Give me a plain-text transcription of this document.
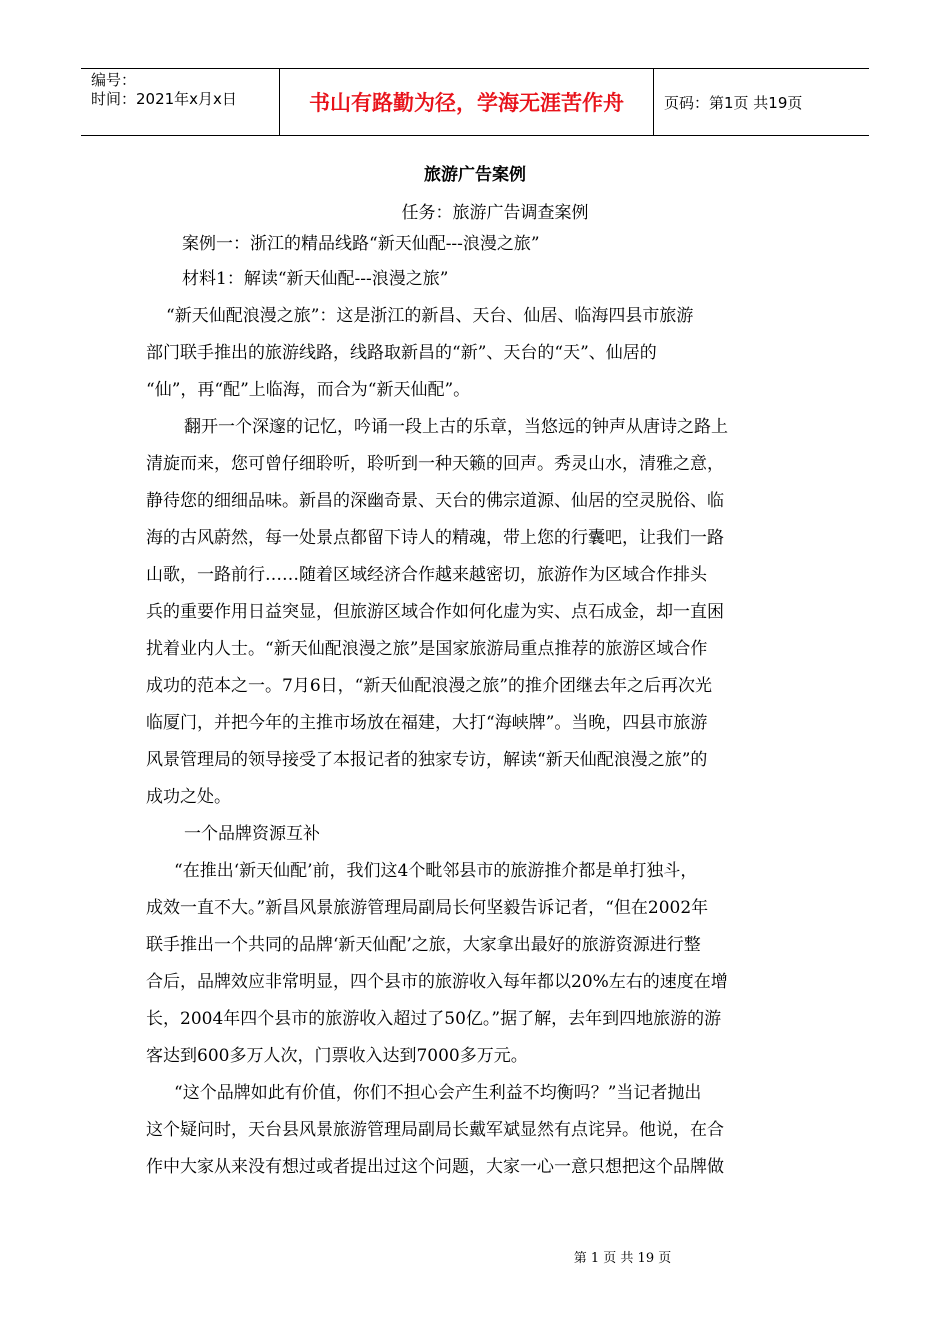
编号：
时间：2021年x月x日	书山有路勤为径，学海无涯苦作舟	页码：第1页 共19页
旅游广告案例
任务：旅游广告调查案例
案例一：浙江的精品线路“新天仙配---浪漫之旅”
材料1：解读“新天仙配---浪漫之旅”
“新天仙配浪漫之旅”：这是浙江的新昌、天台、仙居、临海四县市旅游
部门联手推出的旅游线路，线路取新昌的“新”、天台的“天”、仙居的
“仙”，再“配”上临海，而合为“新天仙配”。
翻开一个深邃的记忆，吟诵一段上古的乐章，当悠远的钟声从唐诗之路上
清旋而来，您可曾仔细聆听，聆听到一种天籁的回声。秀灵山水，清雅之意，
静待您的细细品味。新昌的深幽奇景、天台的佛宗道源、仙居的空灵脱俗、临
海的古风蔚然，每一处景点都留下诗人的精魂，带上您的行囊吧，让我们一路
山歌，一路前行……随着区域经济合作越来越密切，旅游作为区域合作排头
兵的重要作用日益突显，但旅游区域合作如何化虚为实、点石成金，却一直困
扰着业内人士。“新天仙配浪漫之旅”是国家旅游局重点推荐的旅游区域合作
成功的范本之一。7月6日，“新天仙配浪漫之旅”的推介团继去年之后再次光
临厦门，并把今年的主推市场放在福建，大打“海峡牌”。当晚，四县市旅游
风景管理局的领导接受了本报记者的独家专访，解读“新天仙配浪漫之旅”的
成功之处。
一个品牌资源互补
“在推出‘新天仙配’前，我们这4个毗邻县市的旅游推介都是单打独斗，
成效一直不大。”新昌风景旅游管理局副局长何坚毅告诉记者，“但在2002年
联手推出一个共同的品牌‘新天仙配’之旅，大家拿出最好的旅游资源进行整
合后，品牌效应非常明显，四个县市的旅游收入每年都以20%左右的速度在增
长，2004年四个县市的旅游收入超过了50亿。”据了解，去年到四地旅游的游
客达到600多万人次，门票收入达到7000多万元。
“这个品牌如此有价值，你们不担心会产生利益不均衡吗？”当记者抛出
这个疑问时，天台县风景旅游管理局副局长戴军斌显然有点诧异。他说，在合
作中大家从来没有想过或者提出过这个问题，大家一心一意只想把这个品牌做
第 1 页 共 19 页
